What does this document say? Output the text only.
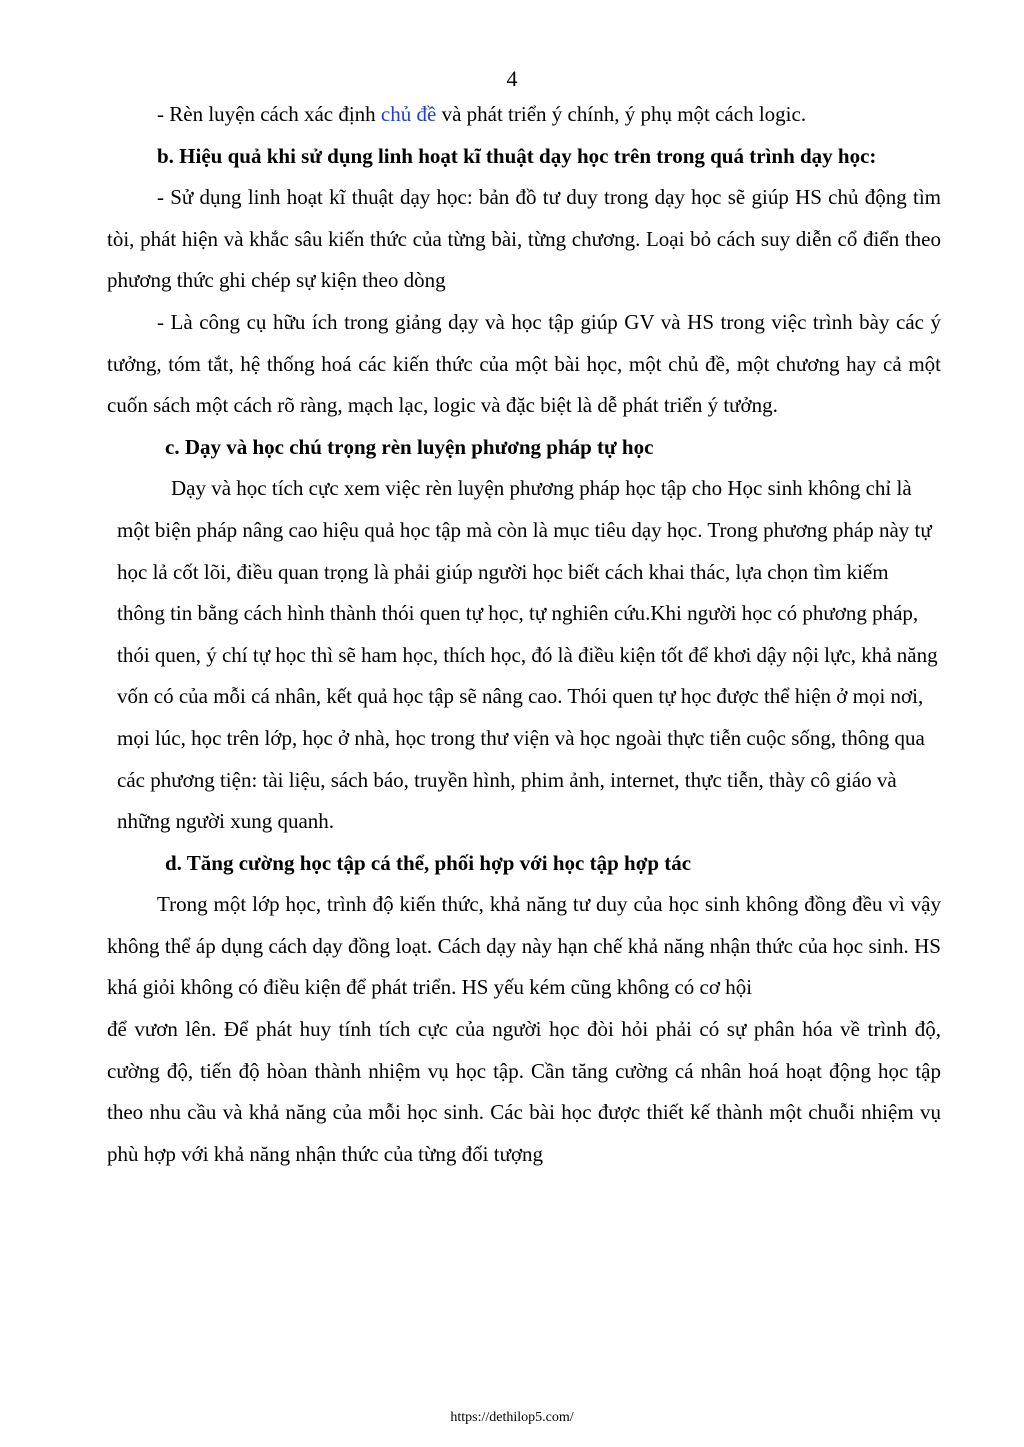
4

- Rèn luyện cách xác định chủ đề và phát triển ý chính, ý phụ một cách logic.

b. Hiệu quả khi sử dụng linh hoạt kĩ thuật dạy học trên trong quá trình dạy học:

- Sử dụng linh hoạt kĩ thuật dạy học: bản đồ tư duy trong dạy học sẽ giúp HS chủ động tìm tòi, phát hiện và khắc sâu kiến thức của từng bài, từng chương. Loại bỏ cách suy diễn cổ điển theo phương thức ghi chép sự kiện theo dòng

- Là công cụ hữu ích trong giảng dạy và học tập giúp GV và HS trong việc trình bày các ý tưởng, tóm tắt, hệ thống hoá các kiến thức của một bài học, một chủ đề, một chương hay cả một cuốn sách một cách rõ ràng, mạch lạc, logic và đặc biệt là dễ phát triển ý tưởng.

c. Dạy và học chú trọng rèn luyện phương pháp tự học

Dạy và học tích cực xem việc rèn luyện phương pháp học tập cho Học sinh không chỉ là một biện pháp nâng cao hiệu quả học tập mà còn là mục tiêu dạy học. Trong phương pháp này tự học lả cốt lõi, điều quan trọng là phải giúp người học biết cách khai thác, lựa chọn tìm kiếm thông tin bằng cách hình thành thói quen tự học, tự nghiên cứu.Khi người học có phương pháp, thói quen, ý chí tự học thì sẽ ham học, thích học, đó là điều kiện tốt để khơi dậy nội lực, khả năng vốn có của mỗi cá nhân, kết quả học tập sẽ nâng cao. Thói quen tự học được thể hiện ở mọi nơi, mọi lúc, học trên lớp, học ở nhà, học trong thư viện và học ngoài thực tiễn cuộc sống, thông qua các phương tiện: tài liệu, sách báo, truyền hình, phim ảnh, internet, thực tiễn, thày cô giáo và những người xung quanh.

d. Tăng cường học tập cá thể, phối hợp với học tập hợp tác

Trong một lớp học, trình độ kiến thức, khả năng tư duy của học sinh không đồng đều vì vậy không thể áp dụng cách dạy đồng loạt. Cách dạy này hạn chế khả năng nhận thức của học sinh. HS khá giỏi không có điều kiện để phát triển. HS yếu kém cũng không có cơ hội

để vươn lên. Để phát huy tính tích cực của người học đòi hỏi phải có sự phân hóa về trình độ, cường độ, tiến độ hòan thành nhiệm vụ học tập. Cần tăng cường cá nhân hoá hoạt động học tập theo nhu cầu và khả năng của mỗi học sinh. Các bài học được thiết kế thành một chuỗi nhiệm vụ phù hợp với khả năng nhận thức của từng đối tượng

https://dethilop5.com/
